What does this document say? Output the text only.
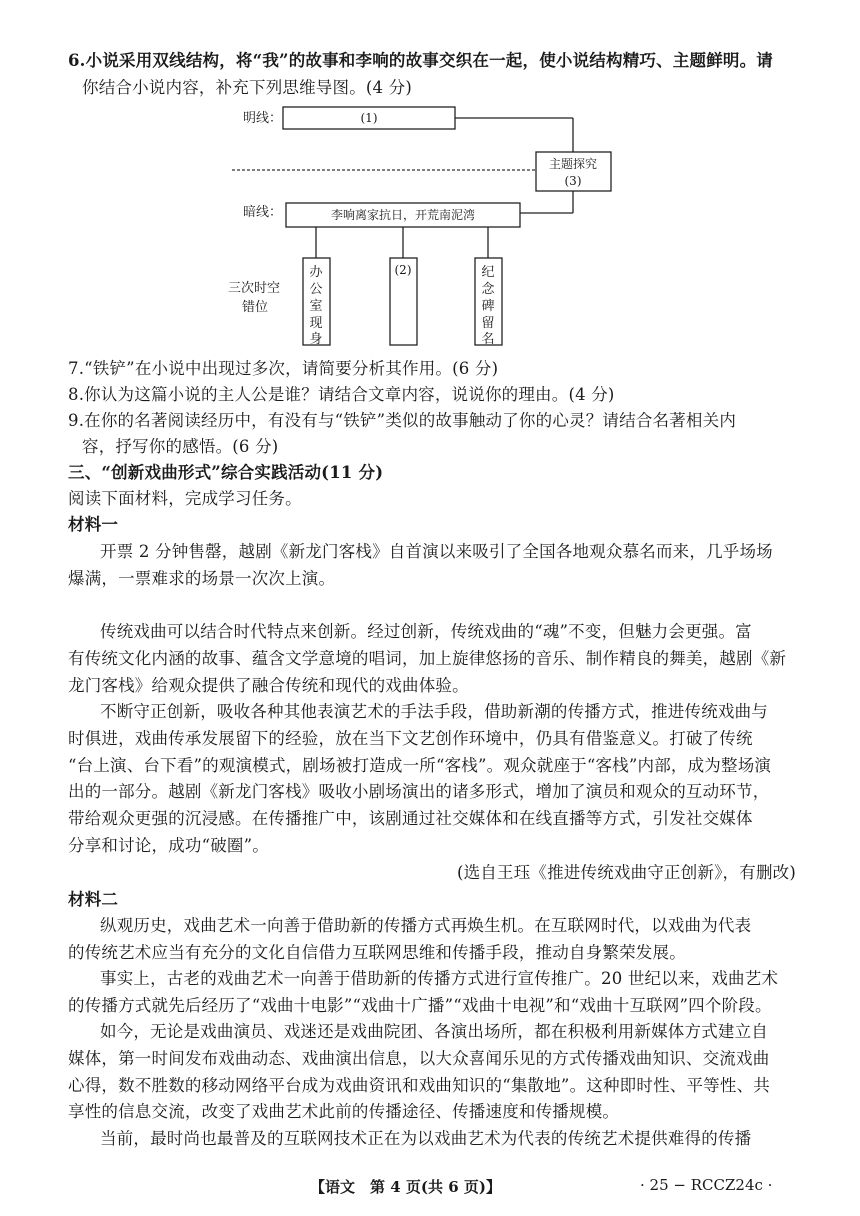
6.小说采用双线结构，将“我”的故事和李响的故事交织在一起，使小说结构精巧、主题鲜明。请
你结合小说内容，补充下列思维导图。(4 分)
明线：	(1)
主题探究
(3)
暗线：	李响离家抗日，开荒南泥湾
三次时空
错位
办
公
室
现
身
(2)	纪
念
碑
留
名
7.“铁铲”在小说中出现过多次，请简要分析其作用。(6 分)
8.你认为这篇小说的主人公是谁？请结合文章内容，说说你的理由。(4 分)
9.在你的名著阅读经历中，有没有与“铁铲”类似的故事触动了你的心灵？请结合名著相关内
容，抒写你的感悟。(6 分)
三、“创新戏曲形式”综合实践活动(11 分)
阅读下面材料，完成学习任务。
材料一
开票 2 分钟售罄，越剧《新龙门客栈》自首演以来吸引了全国各地观众慕名而来，几乎场场
爆满，一票难求的场景一次次上演。
传统戏曲可以结合时代特点来创新。经过创新，传统戏曲的“魂”不变，但魅力会更强。富
有传统文化内涵的故事、蕴含文学意境的唱词，加上旋律悠扬的音乐、制作精良的舞美，越剧《新
龙门客栈》给观众提供了融合传统和现代的戏曲体验。
不断守正创新，吸收各种其他表演艺术的手法手段，借助新潮的传播方式，推进传统戏曲与
时俱进，戏曲传承发展留下的经验，放在当下文艺创作环境中，仍具有借鉴意义。打破了传统
“台上演、台下看”的观演模式，剧场被打造成一所“客栈”。观众就座于“客栈”内部，成为整场演
出的一部分。越剧《新龙门客栈》吸收小剧场演出的诸多形式，增加了演员和观众的互动环节，
带给观众更强的沉浸感。在传播推广中，该剧通过社交媒体和在线直播等方式，引发社交媒体
分享和讨论，成功“破圈”。
(选自王珏《推进传统戏曲守正创新》，有删改)
材料二
纵观历史，戏曲艺术一向善于借助新的传播方式再焕生机。在互联网时代，以戏曲为代表
的传统艺术应当有充分的文化自信借力互联网思维和传播手段，推动自身繁荣发展。
事实上，古老的戏曲艺术一向善于借助新的传播方式进行宣传推广。20 世纪以来，戏曲艺术
的传播方式就先后经历了“戏曲十电影”“戏曲十广播”“戏曲十电视”和“戏曲十互联网”四个阶段。
如今，无论是戏曲演员、戏迷还是戏曲院团、各演出场所，都在积极利用新媒体方式建立自
媒体，第一时间发布戏曲动态、戏曲演出信息，以大众喜闻乐见的方式传播戏曲知识、交流戏曲
心得，数不胜数的移动网络平台成为戏曲资讯和戏曲知识的“集散地”。这种即时性、平等性、共
享性的信息交流，改变了戏曲艺术此前的传播途径、传播速度和传播规模。
当前，最时尚也最普及的互联网技术正在为以戏曲艺术为代表的传统艺术提供难得的传播
【语文　第 4 页(共 6 页)】	· 25 − RCCZ24c ·
